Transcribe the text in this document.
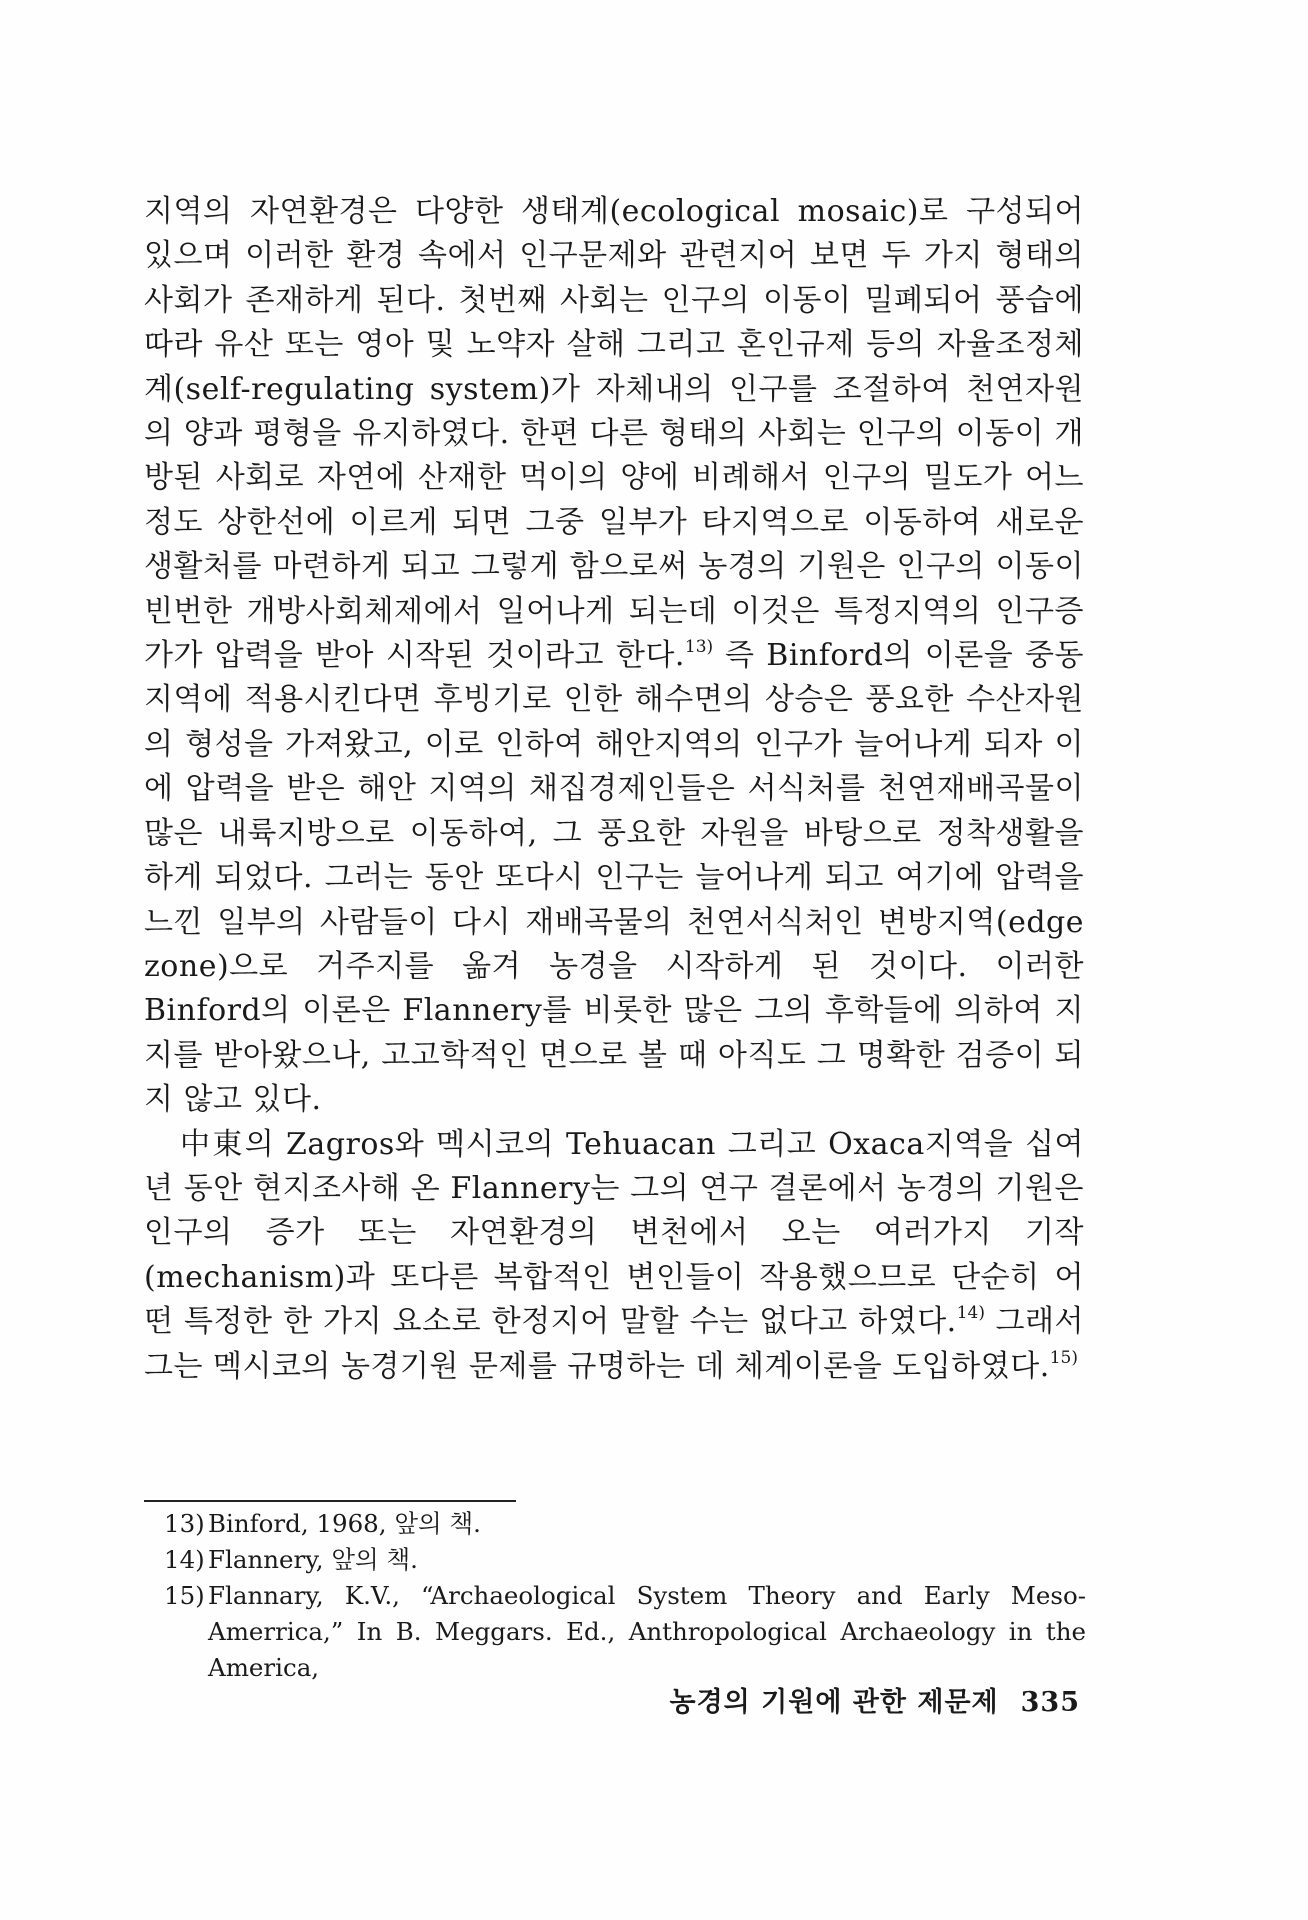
지역의 자연환경은 다양한 생태계(ecological mosaic)로 구성되어 있으며 이러한 환경 속에서 인구문제와 관련지어 보면 두 가지 형태의 사회가 존재하게 된다. 첫번째 사회는 인구의 이동이 밀폐되어 풍습에 따라 유산 또는 영아 및 노약자 살해 그리고 혼인규제 등의 자율조정체계(self-regulating system)가 자체내의 인구를 조절하여 천연자원의 양과 평형을 유지하였다. 한편 다른 형태의 사회는 인구의 이동이 개방된 사회로 자연에 산재한 먹이의 양에 비례해서 인구의 밀도가 어느 정도 상한선에 이르게 되면 그중 일부가 타지역으로 이동하여 새로운 생활처를 마련하게 되고 그렇게 함으로써 농경의 기원은 인구의 이동이 빈번한 개방사회체제에서 일어나게 되는데 이것은 특정지역의 인구증가가 압력을 받아 시작된 것이라고 한다.$^{13)}$ 즉 Binford의 이론을 중동지역에 적용시킨다면 후빙기로 인한 해수면의 상승은 풍요한 수산자원의 형성을 가져왔고, 이로 인하여 해안지역의 인구가 늘어나게 되자 이에 압력을 받은 해안 지역의 채집경제인들은 서식처를 천연재배곡물이 많은 내륙지방으로 이동하여, 그 풍요한 자원을 바탕으로 정착생활을 하게 되었다. 그러는 동안 또다시 인구는 늘어나게 되고 여기에 압력을 느낀 일부의 사람들이 다시 재배곡물의 천연서식처인 변방지역(edge zone)으로 거주지를 옮겨 농경을 시작하게 된 것이다. 이러한 Binford의 이론은 Flannery를 비롯한 많은 그의 후학들에 의하여 지지를 받아왔으나, 고고학적인 면으로 볼 때 아직도 그 명확한 검증이 되지 않고 있다.

中東의 Zagros와 멕시코의 Tehuacan 그리고 Oxaca지역을 십여 년 동안 현지조사해 온 Flannery는 그의 연구 결론에서 농경의 기원은 인구의 증가 또는 자연환경의 변천에서 오는 여러가지 기작(mechanism)과 또다른 복합적인 변인들이 작용했으므로 단순히 어떤 특정한 한 가지 요소로 한정지어 말할 수는 없다고 하였다.$^{14)}$ 그래서 그는 멕시코의 농경기원 문제를 규명하는 데 체계이론을 도입하였다.$^{15)}$

13) Binford, 1968, 앞의 책.
14) Flannery, 앞의 책.
15) Flannary, K.V., “Archaeological System Theory and Early Meso-Amerrica,” In B. Meggars. Ed., Anthropological Archaeology in the America,
농경의 기원에 관한 제문제 335
